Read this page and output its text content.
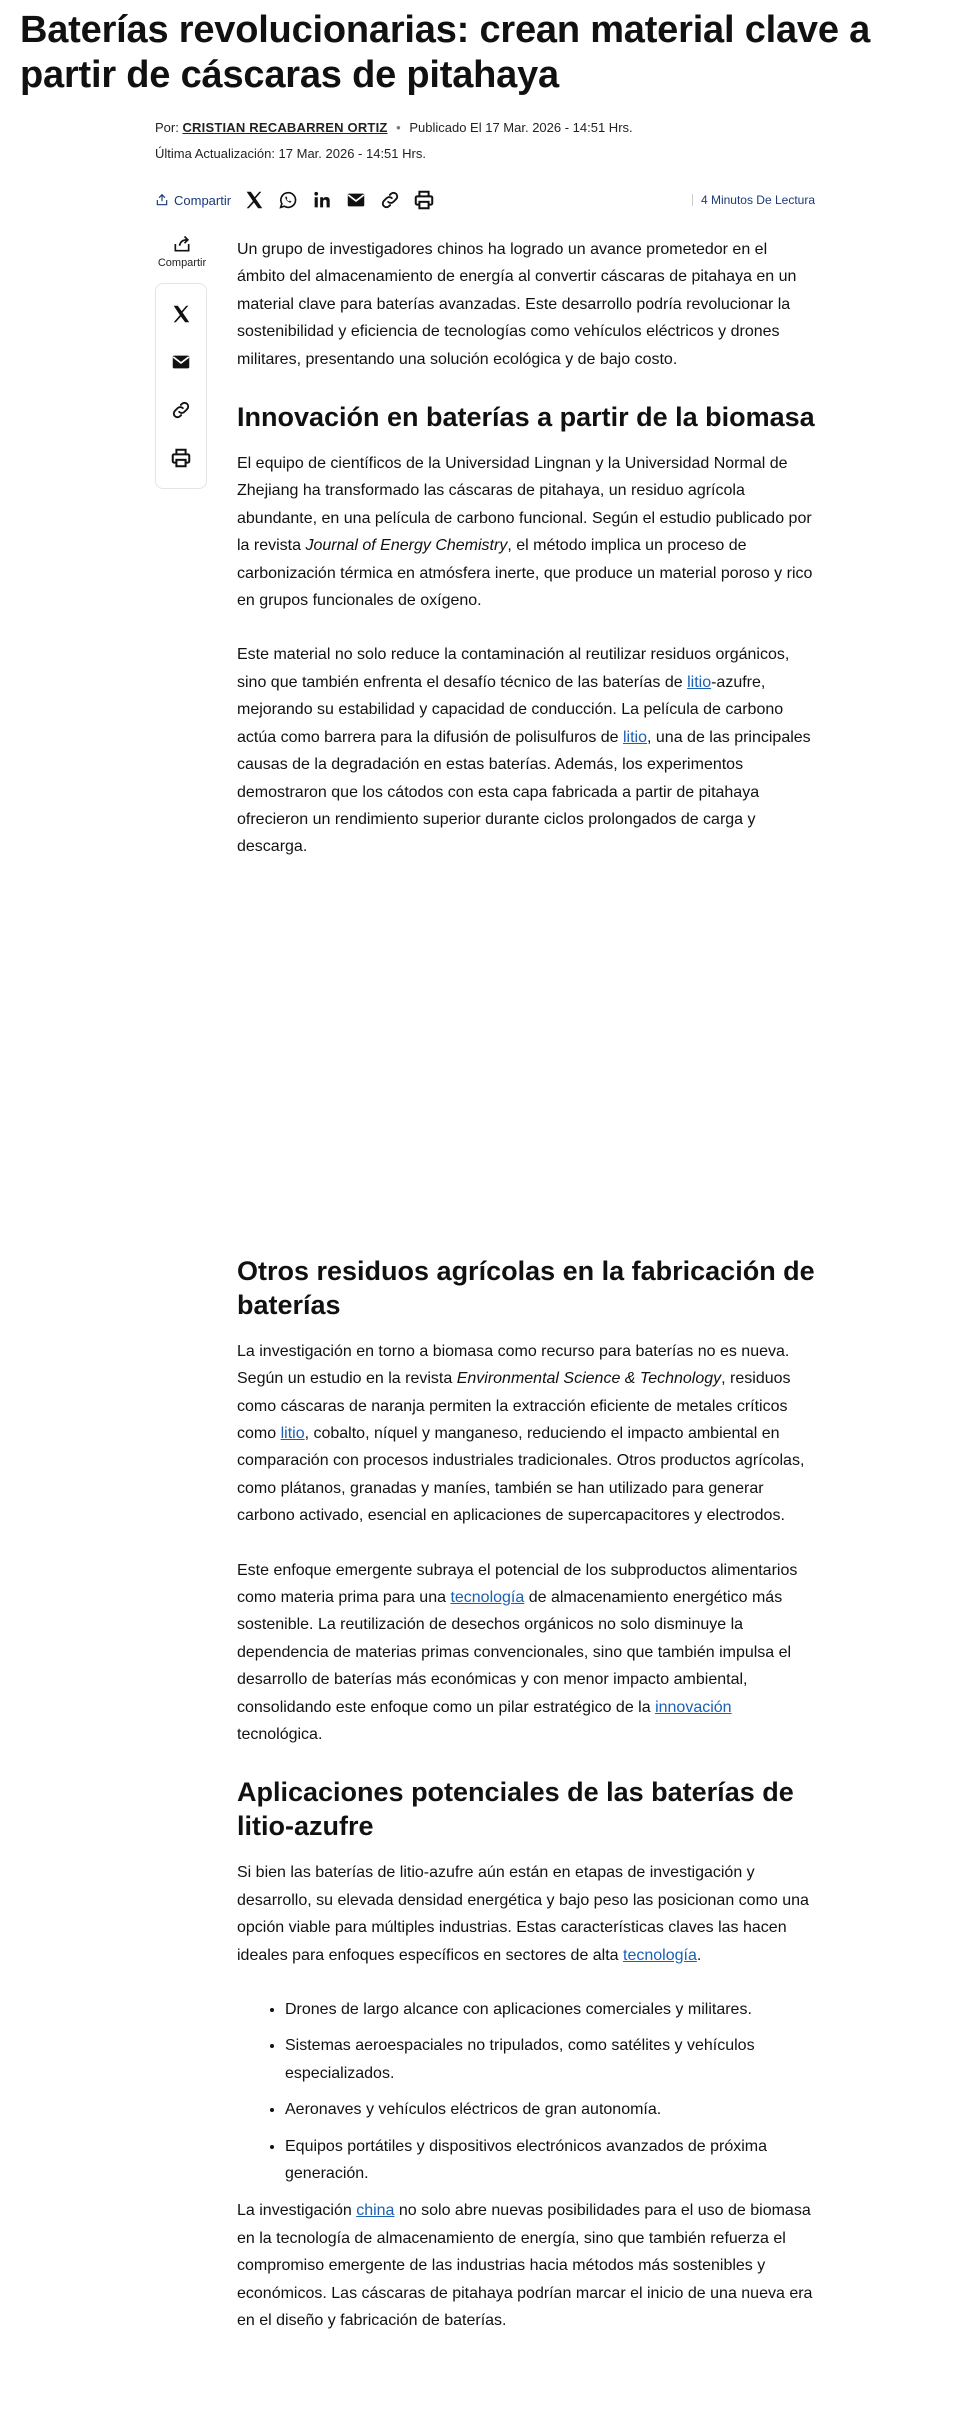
Baterías revolucionarias: crean material clave a partir de cáscaras de pitahaya
Por: CRISTIAN RECABARREN ORTIZ • Publicado El 17 Mar. 2026 - 14:51 Hrs.
Última Actualización: 17 Mar. 2026 - 14:51 Hrs.
Compartir	4 Minutos De Lectura
Compartir

Un grupo de investigadores chinos ha logrado un avance prometedor en el ámbito del almacenamiento de energía al convertir cáscaras de pitahaya en un material clave para baterías avanzadas. Este desarrollo podría revolucionar la sostenibilidad y eficiencia de tecnologías como vehículos eléctricos y drones militares, presentando una solución ecológica y de bajo costo.

Innovación en baterías a partir de la biomasa

El equipo de científicos de la Universidad Lingnan y la Universidad Normal de Zhejiang ha transformado las cáscaras de pitahaya, un residuo agrícola abundante, en una película de carbono funcional. Según el estudio publicado por la revista Journal of Energy Chemistry, el método implica un proceso de carbonización térmica en atmósfera inerte, que produce un material poroso y rico en grupos funcionales de oxígeno.

Este material no solo reduce la contaminación al reutilizar residuos orgánicos, sino que también enfrenta el desafío técnico de las baterías de litio-azufre, mejorando su estabilidad y capacidad de conducción. La película de carbono actúa como barrera para la difusión de polisulfuros de litio, una de las principales causas de la degradación en estas baterías. Además, los experimentos demostraron que los cátodos con esta capa fabricada a partir de pitahaya ofrecieron un rendimiento superior durante ciclos prolongados de carga y descarga.

Otros residuos agrícolas en la fabricación de baterías

La investigación en torno a biomasa como recurso para baterías no es nueva. Según un estudio en la revista Environmental Science & Technology, residuos como cáscaras de naranja permiten la extracción eficiente de metales críticos como litio, cobalto, níquel y manganeso, reduciendo el impacto ambiental en comparación con procesos industriales tradicionales. Otros productos agrícolas, como plátanos, granadas y maníes, también se han utilizado para generar carbono activado, esencial en aplicaciones de supercapacitores y electrodos.

Este enfoque emergente subraya el potencial de los subproductos alimentarios como materia prima para una tecnología de almacenamiento energético más sostenible. La reutilización de desechos orgánicos no solo disminuye la dependencia de materias primas convencionales, sino que también impulsa el desarrollo de baterías más económicas y con menor impacto ambiental, consolidando este enfoque como un pilar estratégico de la innovación tecnológica.

Aplicaciones potenciales de las baterías de litio-azufre

Si bien las baterías de litio-azufre aún están en etapas de investigación y desarrollo, su elevada densidad energética y bajo peso las posicionan como una opción viable para múltiples industrias. Estas características claves las hacen ideales para enfoques específicos en sectores de alta tecnología.

• Drones de largo alcance con aplicaciones comerciales y militares.
• Sistemas aeroespaciales no tripulados, como satélites y vehículos especializados.
• Aeronaves y vehículos eléctricos de gran autonomía.
• Equipos portátiles y dispositivos electrónicos avanzados de próxima generación.

La investigación china no solo abre nuevas posibilidades para el uso de biomasa en la tecnología de almacenamiento de energía, sino que también refuerza el compromiso emergente de las industrias hacia métodos más sostenibles y económicos. Las cáscaras de pitahaya podrían marcar el inicio de una nueva era en el diseño y fabricación de baterías.
